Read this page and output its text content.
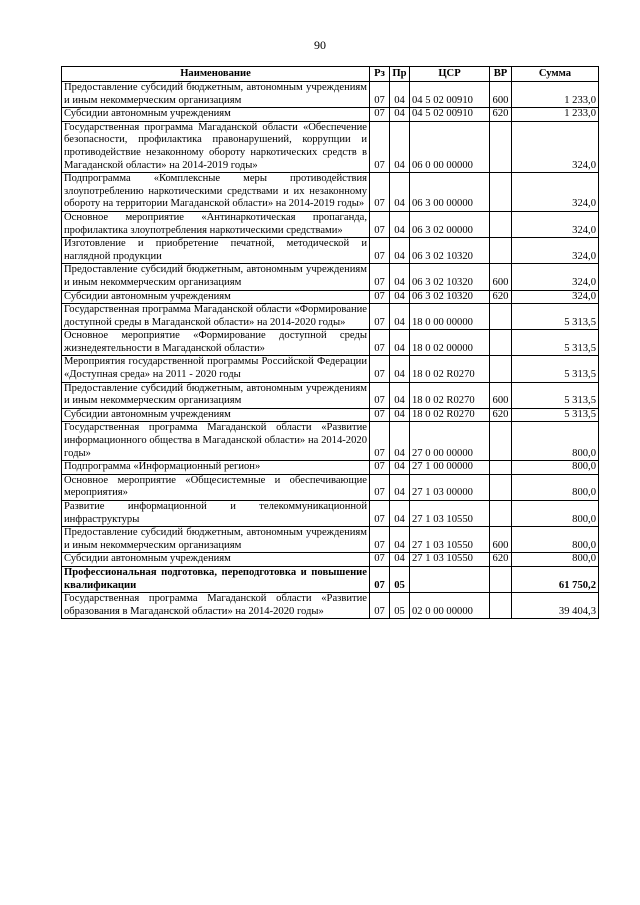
90
Наименование	Рз	Пр	ЦСР	ВР	Сумма
Предоставление субсидий бюджетным, автономным учреждениям и иным некоммерческим организациям	07	04	04 5 02 00910	600	1 233,0
Субсидии автономным учреждениям	07	04	04 5 02 00910	620	1 233,0
Государственная программа Магаданской области «Обеспечение безопасности, профилактика правонарушений, коррупции и противодействие незаконному обороту наркотических средств в Магаданской области» на 2014-2019 годы»	07	04	06 0 00 00000		324,0
Подпрограмма «Комплексные меры противодействия злоупотреблению наркотическими средствами и их незаконному обороту на территории Магаданской области» на 2014-2019 годы»	07	04	06 3 00 00000		324,0
Основное мероприятие «Антинаркотическая пропаганда, профилактика злоупотребления наркотическими средствами»	07	04	06 3 02 00000		324,0
Изготовление и приобретение печатной, методической и наглядной продукции	07	04	06 3 02 10320		324,0
Предоставление субсидий бюджетным, автономным учреждениям и иным некоммерческим организациям	07	04	06 3 02 10320	600	324,0
Субсидии автономным учреждениям	07	04	06 3 02 10320	620	324,0
Государственная программа Магаданской области «Формирование доступной среды в Магаданской области» на 2014-2020 годы»	07	04	18 0 00 00000		5 313,5
Основное мероприятие «Формирование доступной среды жизнедеятельности в Магаданской области»	07	04	18 0 02 00000		5 313,5
Мероприятия государственной программы Российской Федерации «Доступная среда» на 2011 - 2020 годы	07	04	18 0 02 R0270		5 313,5
Предоставление субсидий бюджетным, автономным учреждениям и иным некоммерческим организациям	07	04	18 0 02 R0270	600	5 313,5
Субсидии автономным учреждениям	07	04	18 0 02 R0270	620	5 313,5
Государственная программа Магаданской области «Развитие информационного общества в Магаданской области» на 2014-2020 годы»	07	04	27 0 00 00000		800,0
Подпрограмма «Информационный регион»	07	04	27 1 00 00000		800,0
Основное мероприятие «Общесистемные и обеспечивающие мероприятия»	07	04	27 1 03 00000		800,0
Развитие информационной и телекоммуникационной инфраструктуры	07	04	27 1 03 10550		800,0
Предоставление субсидий бюджетным, автономным учреждениям и иным некоммерческим организациям	07	04	27 1 03 10550	600	800,0
Субсидии автономным учреждениям	07	04	27 1 03 10550	620	800,0
Профессиональная подготовка, переподготовка и повышение квалификации	07	05			61 750,2
Государственная программа Магаданской области «Развитие образования в Магаданской области» на 2014-2020 годы»	07	05	02 0 00 00000		39 404,3
